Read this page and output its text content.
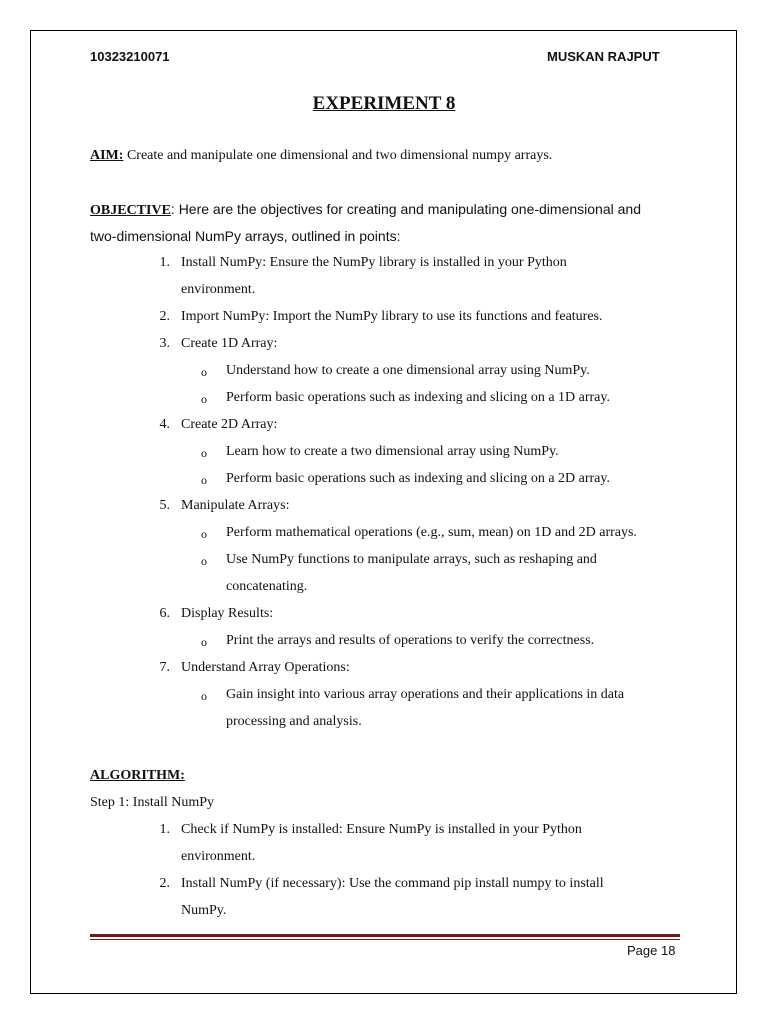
10323210071	MUSKAN RAJPUT
EXPERIMENT 8
AIM: Create and manipulate one dimensional and two dimensional numpy arrays.
OBJECTIVE: Here are the objectives for creating and manipulating one-dimensional and
two-dimensional NumPy arrays, outlined in points:
1. Install NumPy: Ensure the NumPy library is installed in your Python
environment.
2. Import NumPy: Import the NumPy library to use its functions and features.
3. Create 1D Array:
o Understand how to create a one dimensional array using NumPy.
o Perform basic operations such as indexing and slicing on a 1D array.
4. Create 2D Array:
o Learn how to create a two dimensional array using NumPy.
o Perform basic operations such as indexing and slicing on a 2D array.
5. Manipulate Arrays:
o Perform mathematical operations (e.g., sum, mean) on 1D and 2D arrays.
o Use NumPy functions to manipulate arrays, such as reshaping and
concatenating.
6. Display Results:
o Print the arrays and results of operations to verify the correctness.
7. Understand Array Operations:
o Gain insight into various array operations and their applications in data
processing and analysis.
ALGORITHM:
Step 1: Install NumPy
1. Check if NumPy is installed: Ensure NumPy is installed in your Python
environment.
2. Install NumPy (if necessary): Use the command pip install numpy to install
NumPy.
Page 18
